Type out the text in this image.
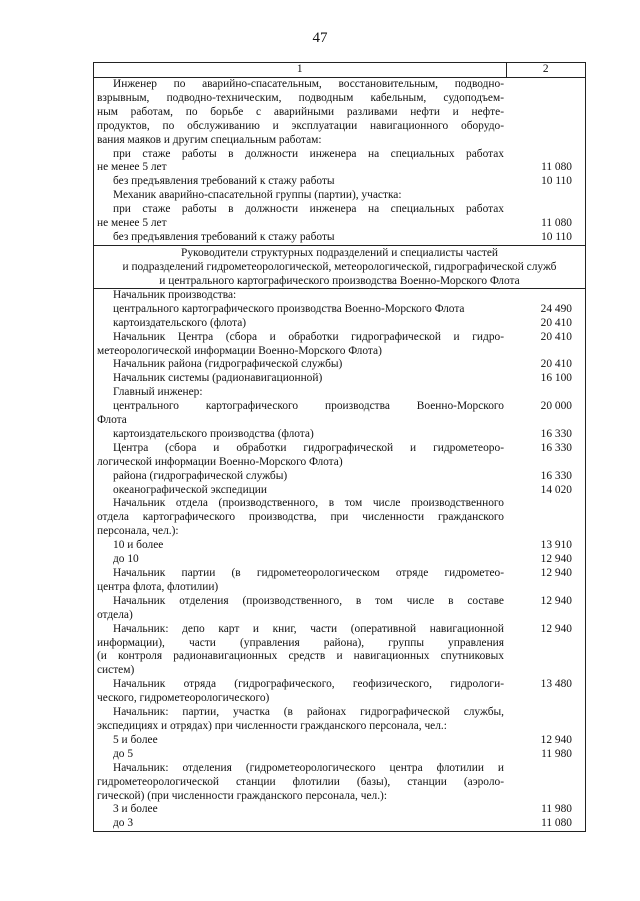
47
1	2

Инженер по аварийно-спасательным, восстановительным, подводно-
взрывным, подводно-техническим, подводным кабельным, судоподъем-
ным работам, по борьбе с аварийными разливами нефти и нефте-
продуктов, по обслуживанию и эксплуатации навигационного оборудо-
вания маяков и другим специальным работам:
при стаже работы в должности инженера на специальных работах
не менее 5 лет	11 080
без предъявления требований к стажу работы	10 110
Механик аварийно-спасательной группы (партии), участка:
при стаже работы в должности инженера на специальных работах
не менее 5 лет	11 080
без предъявления требований к стажу работы	10 110

Руководители структурных подразделений и специалисты частей
и подразделений гидрометеорологической, метеорологической, гидрографической служб
и центрального картографического производства Военно-Морского Флота

Начальник производства:
центрального картографического производства Военно-Морского Флота	24 490
картоиздательского (флота)	20 410
Начальник Центра (сбора и обработки гидрографической и гидро-	20 410
метеорологической информации Военно-Морского Флота)
Начальник района (гидрографической службы)	20 410
Начальник системы (радионавигационной)	16 100
Главный инженер:
центрального картографического производства Военно-Морского	20 000
Флота
картоиздательского производства (флота)	16 330
Центра (сбора и обработки гидрографической и гидрометеоро-	16 330
логической информации Военно-Морского Флота)
района (гидрографической службы)	16 330
океанографической экспедиции	14 020
Начальник отдела (производственного, в том числе производственного
отдела картографического производства, при численности гражданского
персонала, чел.):
10 и более	13 910
до 10	12 940
Начальник партии (в гидрометеорологическом отряде гидрометео-	12 940
центра флота, флотилии)
Начальник отделения (производственного, в том числе в составе	12 940
отдела)
Начальник: депо карт и книг, части (оперативной навигационной	12 940
информации), части (управления района), группы управления
(и контроля радионавигационных средств и навигационных спутниковых
систем)
Начальник отряда (гидрографического, геофизического, гидрологи-	13 480
ческого, гидрометеорологического)
Начальник: партии, участка (в районах гидрографической службы,
экспедициях и отрядах) при численности гражданского персонала, чел.:
5 и более	12 940
до 5	11 980
Начальник: отделения (гидрометеорологического центра флотилии и
гидрометеорологической станции флотилии (базы), станции (аэроло-
гической) (при численности гражданского персонала, чел.):
3 и более	11 980
до 3	11 080
